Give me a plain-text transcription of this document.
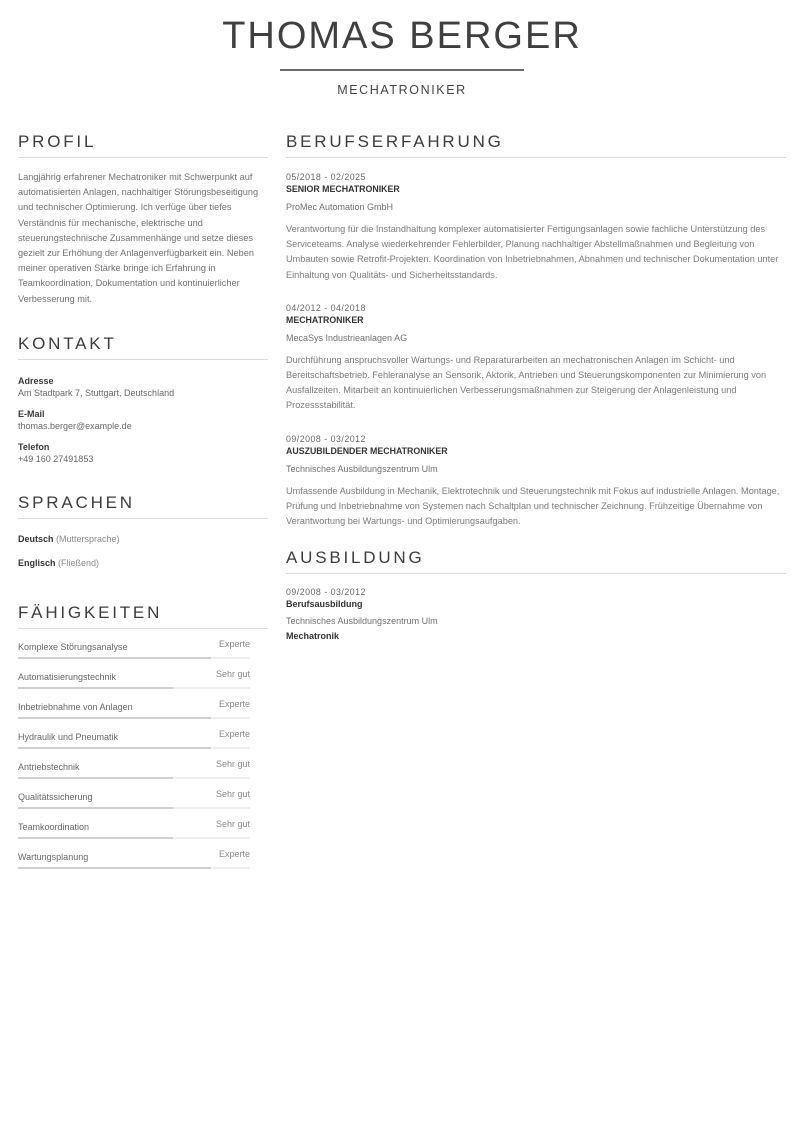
THOMAS BERGER
MECHATRONIKER
PROFIL
Langjährig erfahrener Mechatroniker mit Schwerpunkt auf automatisierten Anlagen, nachhaltiger Störungsbeseitigung und technischer Optimierung. Ich verfüge über tiefes Verständnis für mechanische, elektrische und steuerungstechnische Zusammenhänge und setze dieses gezielt zur Erhöhung der Anlagenverfügbarkeit ein. Neben meiner operativen Stärke bringe ich Erfahrung in Teamkoordination, Dokumentation und kontinuierlicher Verbesserung mit.
KONTAKT
Adresse
Am Stadtpark 7, Stuttgart, Deutschland
E-Mail
thomas.berger@example.de
Telefon
+49 160 27491853
SPRACHEN
Deutsch (Muttersprache)
Englisch (Fließend)
FÄHIGKEITEN
Komplexe Störungsanalyse	Experte
Automatisierungstechnik	Sehr gut
Inbetriebnahme von Anlagen	Experte
Hydraulik und Pneumatik	Experte
Antriebstechnik	Sehr gut
Qualitätssicherung	Sehr gut
Teamkoordination	Sehr gut
Wartungsplanung	Experte
BERUFSERFAHRUNG
05/2018 - 02/2025
SENIOR MECHATRONIKER
ProMec Automation GmbH
Verantwortung für die Instandhaltung komplexer automatisierter Fertigungsanlagen sowie fachliche Unterstützung des Serviceteams. Analyse wiederkehrender Fehlerbilder, Planung nachhaltiger Abstellmaßnahmen und Begleitung von Umbauten sowie Retrofit-Projekten. Koordination von Inbetriebnahmen, Abnahmen und technischer Dokumentation unter Einhaltung von Qualitäts- und Sicherheitsstandards.
04/2012 - 04/2018
MECHATRONIKER
MecaSys Industrieanlagen AG
Durchführung anspruchsvoller Wartungs- und Reparaturarbeiten an mechatronischen Anlagen im Schicht- und Bereitschaftsbetrieb. Fehleranalyse an Sensorik, Aktorik, Antrieben und Steuerungskomponenten zur Minimierung von Ausfallzeiten. Mitarbeit an kontinuierlichen Verbesserungsmaßnahmen zur Steigerung der Anlagenleistung und Prozessstabilität.
09/2008 - 03/2012
AUSZUBILDENDER MECHATRONIKER
Technisches Ausbildungszentrum Ulm
Umfassende Ausbildung in Mechanik, Elektrotechnik und Steuerungstechnik mit Fokus auf industrielle Anlagen. Montage, Prüfung und Inbetriebnahme von Systemen nach Schaltplan und technischer Zeichnung. Frühzeitige Übernahme von Verantwortung bei Wartungs- und Optimierungsaufgaben.
AUSBILDUNG
09/2008 - 03/2012
Berufsausbildung
Technisches Ausbildungszentrum Ulm
Mechatronik
